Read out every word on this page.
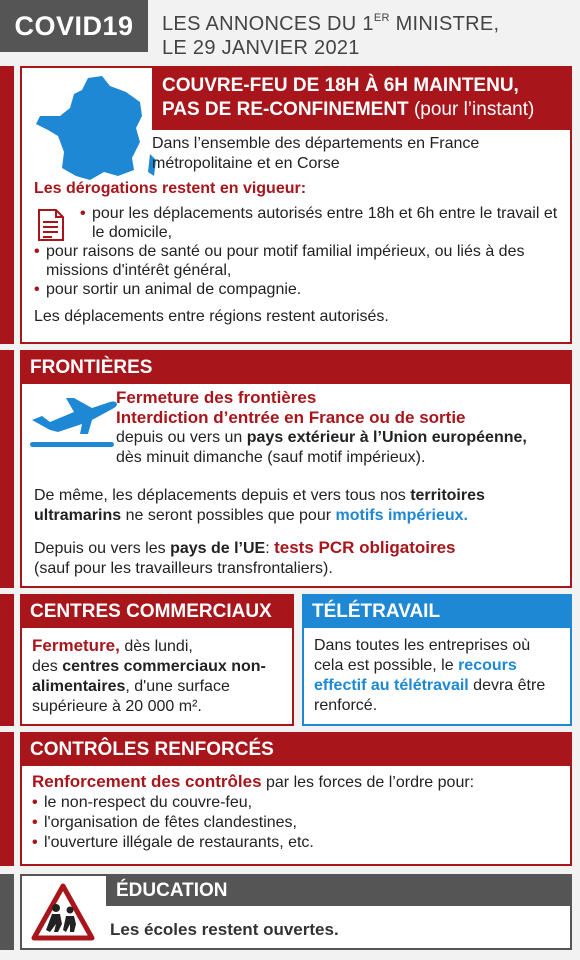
COVID19	LES ANNONCES DU 1ER MINISTRE,
LE 29 JANVIER 2021
COUVRE-FEU DE 18H À 6H MAINTENU,
PAS DE RE-CONFINEMENT (pour l’instant)
Dans l’ensemble des départements en France
métropolitaine et en Corse
Les dérogations restent en vigueur:
• pour les déplacements autorisés entre 18h et 6h entre le travail et le domicile,
• pour raisons de santé ou pour motif familial impérieux, ou liés à des missions d'intérêt général,
• pour sortir un animal de compagnie.
Les déplacements entre régions restent autorisés.
FRONTIÈRES
Fermeture des frontières
Interdiction d’entrée en France ou de sortie
depuis ou vers un pays extérieur à l’Union européenne,
dès minuit dimanche (sauf motif impérieux).
De même, les déplacements depuis et vers tous nos territoires ultramarins ne seront possibles que pour motifs impérieux.
Depuis ou vers les pays de l’UE: tests PCR obligatoires
(sauf pour les travailleurs transfrontaliers).
CENTRES COMMERCIAUX
Fermeture, dès lundi,
des centres commerciaux non-alimentaires, d'une surface supérieure à 20 000 m².
TÉLÉTRAVAIL
Dans toutes les entreprises où cela est possible, le recours effectif au télétravail devra être renforcé.
CONTRÔLES RENFORCÉS
Renforcement des contrôles par les forces de l’ordre pour:
• le non-respect du couvre-feu,
• l'organisation de fêtes clandestines,
• l'ouverture illégale de restaurants, etc.
ÉDUCATION
Les écoles restent ouvertes.
